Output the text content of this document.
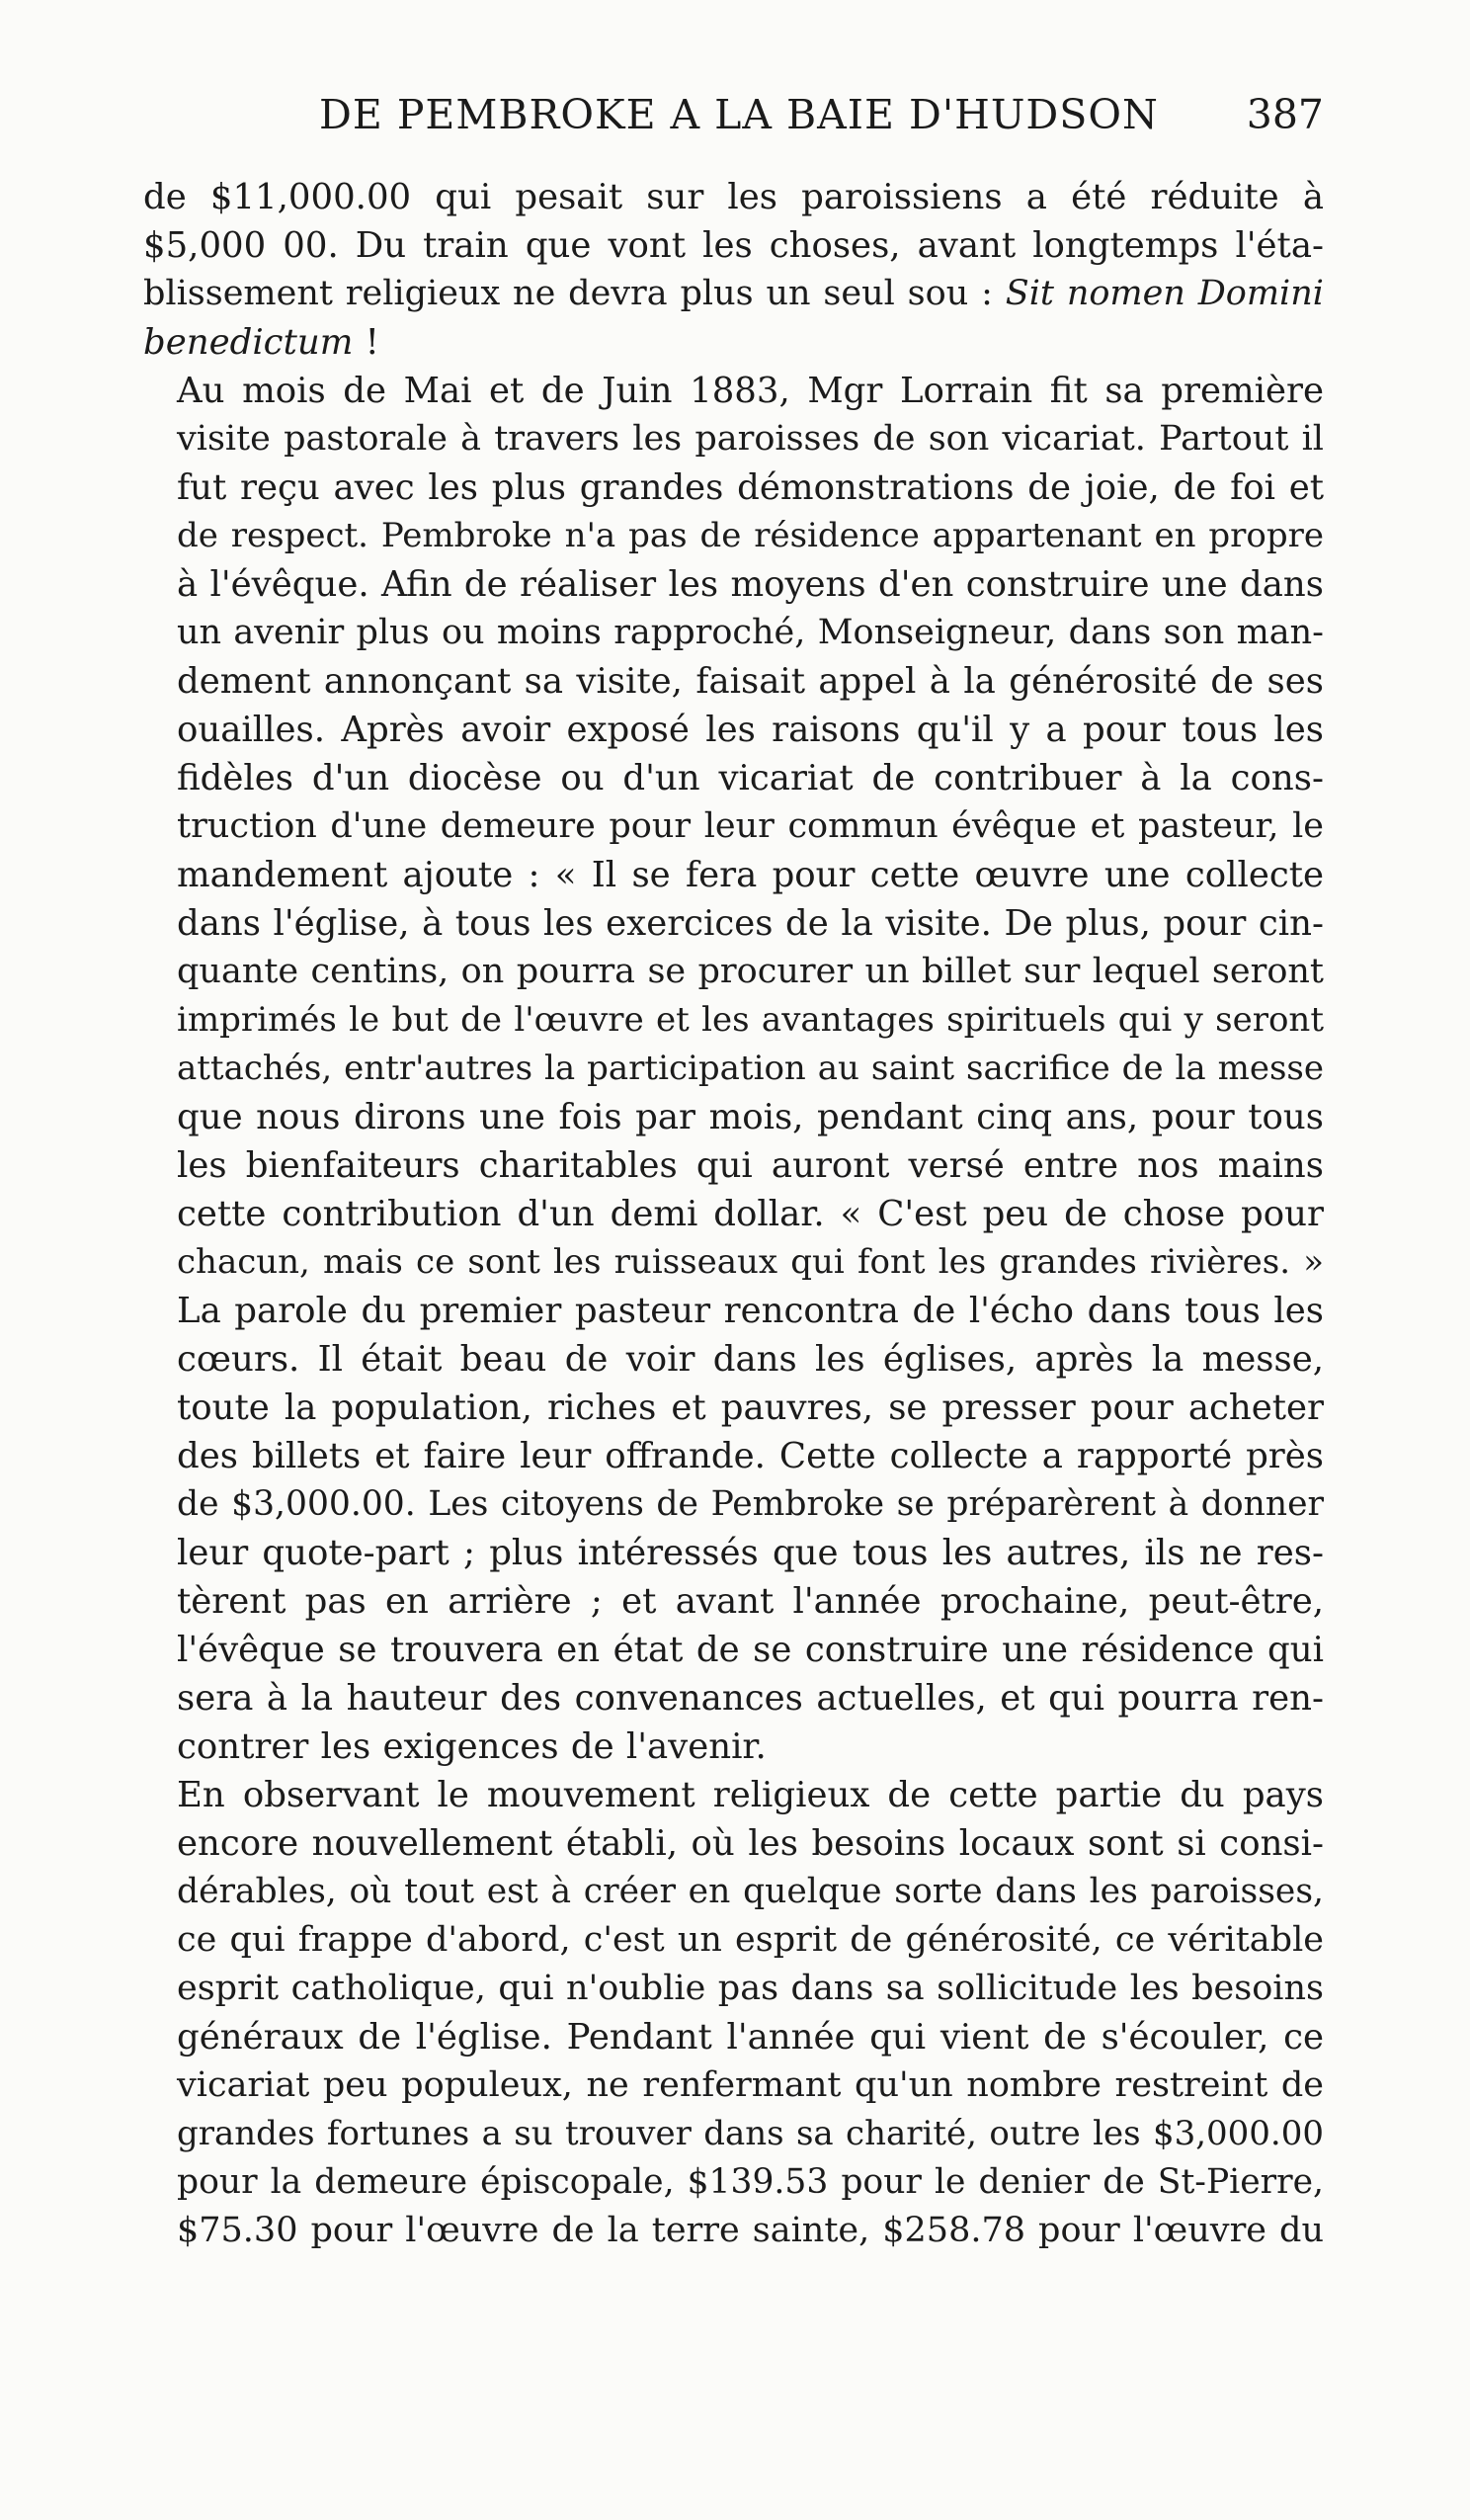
DE PEMBROKE A LA BAIE D'HUDSON 387

de $11,000.00 qui pesait sur les paroissiens a été réduite à
$5,000 00. Du train que vont les choses, avant longtemps l'éta-
blissement religieux ne devra plus un seul sou : Sit nomen Domini
benedictum !

Au mois de Mai et de Juin 1883, Mgr Lorrain fit sa première
visite pastorale à travers les paroisses de son vicariat. Partout il
fut reçu avec les plus grandes démonstrations de joie, de foi et
de respect. Pembroke n'a pas de résidence appartenant en propre
à l'évêque. Afin de réaliser les moyens d'en construire une dans
un avenir plus ou moins rapproché, Monseigneur, dans son man-
dement annonçant sa visite, faisait appel à la générosité de ses
ouailles. Après avoir exposé les raisons qu'il y a pour tous les
fidèles d'un diocèse ou d'un vicariat de contribuer à la cons-
truction d'une demeure pour leur commun évêque et pasteur, le
mandement ajoute : « Il se fera pour cette œuvre une collecte
dans l'église, à tous les exercices de la visite. De plus, pour cin-
quante centins, on pourra se procurer un billet sur lequel seront
imprimés le but de l'œuvre et les avantages spirituels qui y seront
attachés, entr'autres la participation au saint sacrifice de la messe
que nous dirons une fois par mois, pendant cinq ans, pour tous
les bienfaiteurs charitables qui auront versé entre nos mains
cette contribution d'un demi dollar. « C'est peu de chose pour
chacun, mais ce sont les ruisseaux qui font les grandes rivières. »
La parole du premier pasteur rencontra de l'écho dans tous les
cœurs. Il était beau de voir dans les églises, après la messe,
toute la population, riches et pauvres, se presser pour acheter
des billets et faire leur offrande. Cette collecte a rapporté près
de $3,000.00. Les citoyens de Pembroke se préparèrent à donner
leur quote-part ; plus intéressés que tous les autres, ils ne res-
tèrent pas en arrière ; et avant l'année prochaine, peut-être,
l'évêque se trouvera en état de se construire une résidence qui
sera à la hauteur des convenances actuelles, et qui pourra ren-
contrer les exigences de l'avenir.

En observant le mouvement religieux de cette partie du pays
encore nouvellement établi, où les besoins locaux sont si consi-
dérables, où tout est à créer en quelque sorte dans les paroisses,
ce qui frappe d'abord, c'est un esprit de générosité, ce véritable
esprit catholique, qui n'oublie pas dans sa sollicitude les besoins
généraux de l'église. Pendant l'année qui vient de s'écouler, ce
vicariat peu populeux, ne renfermant qu'un nombre restreint de
grandes fortunes a su trouver dans sa charité, outre les $3,000.00
pour la demeure épiscopale, $139.53 pour le denier de St-Pierre,
$75.30 pour l'œuvre de la terre sainte, $258.78 pour l'œuvre du
